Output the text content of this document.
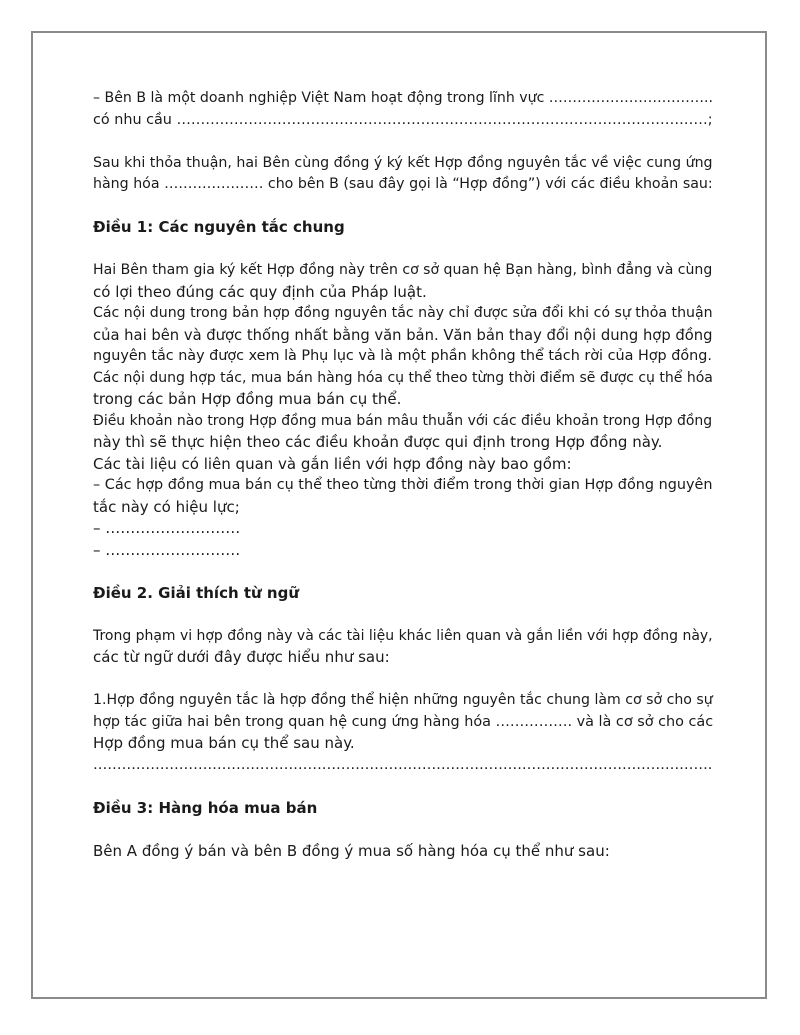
– Bên B là một doanh nghiệp Việt Nam hoạt động trong lĩnh vực ……………………………..

có nhu cầu …………………………………………………………………………………………………;

Sau khi thỏa thuận, hai Bên cùng đồng ý ký kết Hợp đồng nguyên tắc về việc cung ứng

hàng hóa ………………… cho bên B (sau đây gọi là “Hợp đồng”) với các điều khoản sau:

Điều 1: Các nguyên tắc chung

Hai Bên tham gia ký kết Hợp đồng này trên cơ sở quan hệ Bạn hàng, bình đẳng và cùng

có lợi theo đúng các quy định của Pháp luật.

Các nội dung trong bản hợp đồng nguyên tắc này chỉ được sửa đổi khi có sự thỏa thuận

của hai bên và được thống nhất bằng văn bản. Văn bản thay đổi nội dung hợp đồng

nguyên tắc này được xem là Phụ lục và là một phần không thể tách rời của Hợp đồng.

Các nội dung hợp tác, mua bán hàng hóa cụ thể theo từng thời điểm sẽ được cụ thể hóa

trong các bản Hợp đồng mua bán cụ thể.

Điều khoản nào trong Hợp đồng mua bán mâu thuẫn với các điều khoản trong Hợp đồng

này thì sẽ thực hiện theo các điều khoản được qui định trong Hợp đồng này.

Các tài liệu có liên quan và gắn liền với hợp đồng này bao gồm:

– Các hợp đồng mua bán cụ thể theo từng thời điểm trong thời gian Hợp đồng nguyên

tắc này có hiệu lực;

– ………………………

– ………………………

Điều 2. Giải thích từ ngữ

Trong phạm vi hợp đồng này và các tài liệu khác liên quan và gắn liền với hợp đồng này,

các từ ngữ dưới đây được hiểu như sau:

1.Hợp đồng nguyên tắc là hợp đồng thể hiện những nguyên tắc chung làm cơ sở cho sự

hợp tác giữa hai bên trong quan hệ cung ứng hàng hóa ……………. và là cơ sở cho các

Hợp đồng mua bán cụ thể sau này.

………………………………………………………………………………………………………………….

Điều 3: Hàng hóa mua bán

Bên A đồng ý bán và bên B đồng ý mua số hàng hóa cụ thể như sau:
